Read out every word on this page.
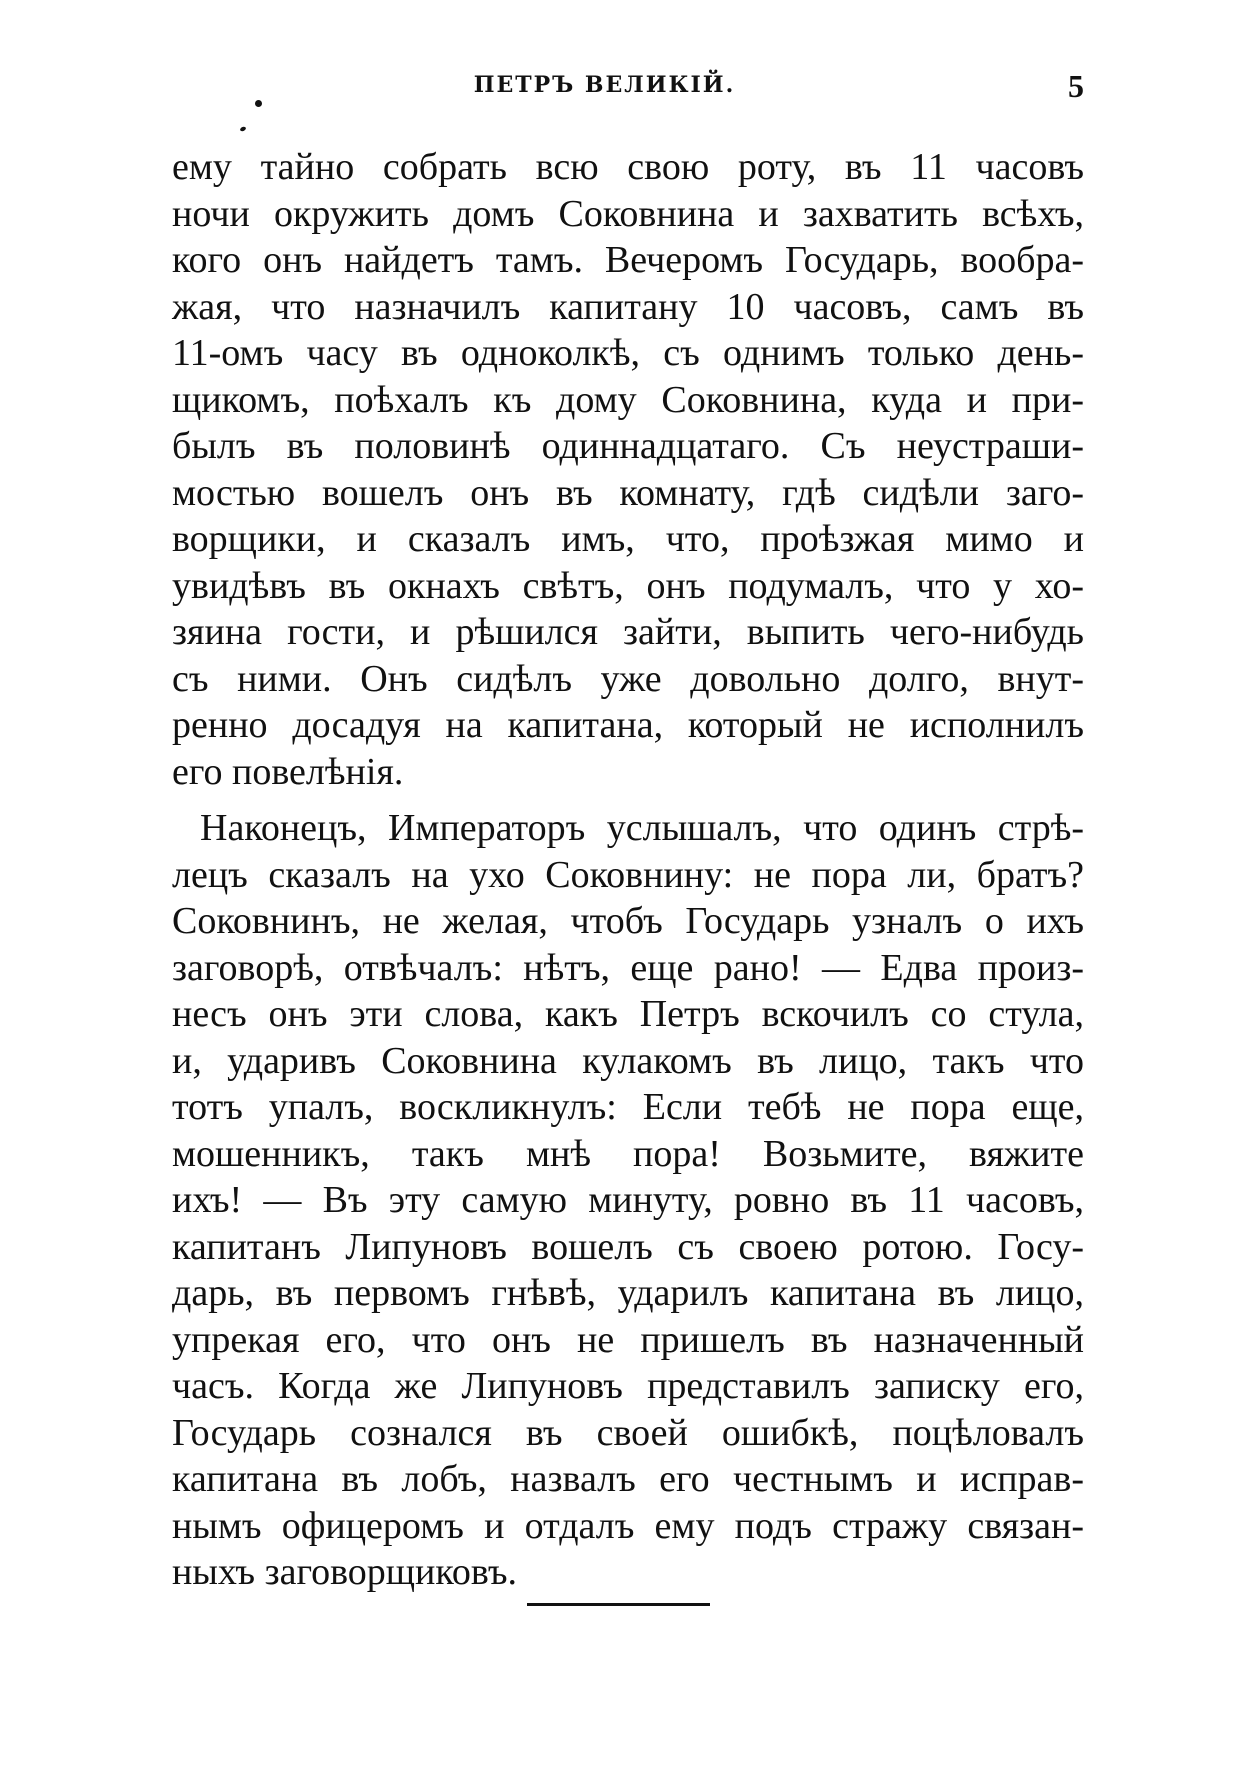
ПЕТРЪ ВЕЛИКІЙ.	5
ему тайно собрать всю свою роту, въ 11 часовъ
ночи окружить домъ Соковнина и захватить всѣхъ,
кого онъ найдетъ тамъ. Вечеромъ Государь, вообра-
жая, что назначилъ капитану 10 часовъ, самъ въ
11-омъ часу въ одноколкѣ, съ однимъ только день-
щикомъ, поѣхалъ къ дому Соковнина, куда и при-
былъ въ половинѣ одиннадцатаго. Съ неустраши-
мостью вошелъ онъ въ комнату, гдѣ сидѣли заго-
ворщики, и сказалъ имъ, что, проѣзжая мимо и
увидѣвъ въ окнахъ свѣтъ, онъ подумалъ, что у хо-
зяина гости, и рѣшился зайти, выпить чего-нибудь
съ ними. Онъ сидѣлъ уже довольно долго, внут-
ренно досадуя на капитана, который не исполнилъ
его повелѣнія.
Наконецъ, Императоръ услышалъ, что одинъ стрѣ-
лецъ сказалъ на ухо Соковнину: не пора ли, братъ?
Соковнинъ, не желая, чтобъ Государь узналъ о ихъ
заговорѣ, отвѣчалъ: нѣтъ, еще рано! — Едва произ-
несъ онъ эти слова, какъ Петръ вскочилъ со стула,
и, ударивъ Соковнина кулакомъ въ лицо, такъ что
тотъ упалъ, воскликнулъ: Если тебѣ не пора еще,
мошенникъ, такъ мнѣ пора! Возьмите, вяжите
ихъ! — Въ эту самую минуту, ровно въ 11 часовъ,
капитанъ Липуновъ вошелъ съ своею ротою. Госу-
дарь, въ первомъ гнѣвѣ, ударилъ капитана въ лицо,
упрекая его, что онъ не пришелъ въ назначенный
часъ. Когда же Липуновъ представилъ записку его,
Государь сознался въ своей ошибкѣ, поцѣловалъ
капитана въ лобъ, назвалъ его честнымъ и исправ-
нымъ офицеромъ и отдалъ ему подъ стражу связан-
ныхъ заговорщиковъ.
